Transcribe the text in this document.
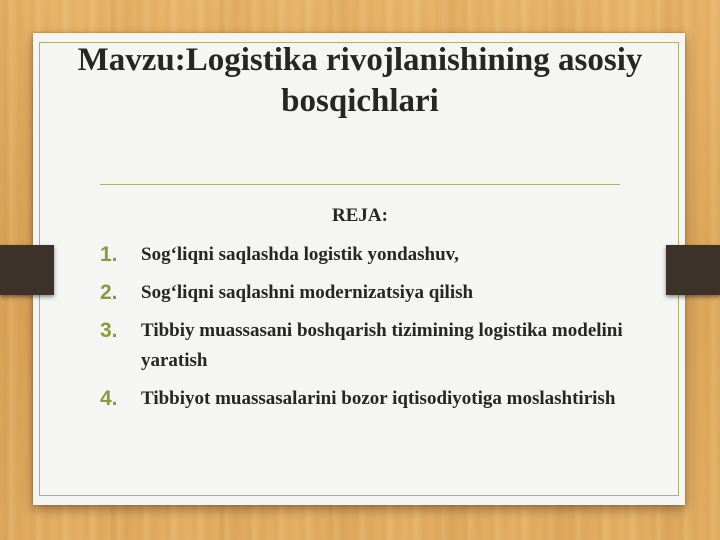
Mavzu:Logistika rivojlanishining asosiy bosqichlari
REJA:
1.	Sog‘liqni saqlashda logistik yondashuv,
2.	Sog‘liqni saqlashni modernizatsiya qilish
3.	Tibbiy muassasani boshqarish tizimining logistika modelini yaratish
4.	Tibbiyot muassasalarini bozor iqtisodiyotiga moslashtirish
